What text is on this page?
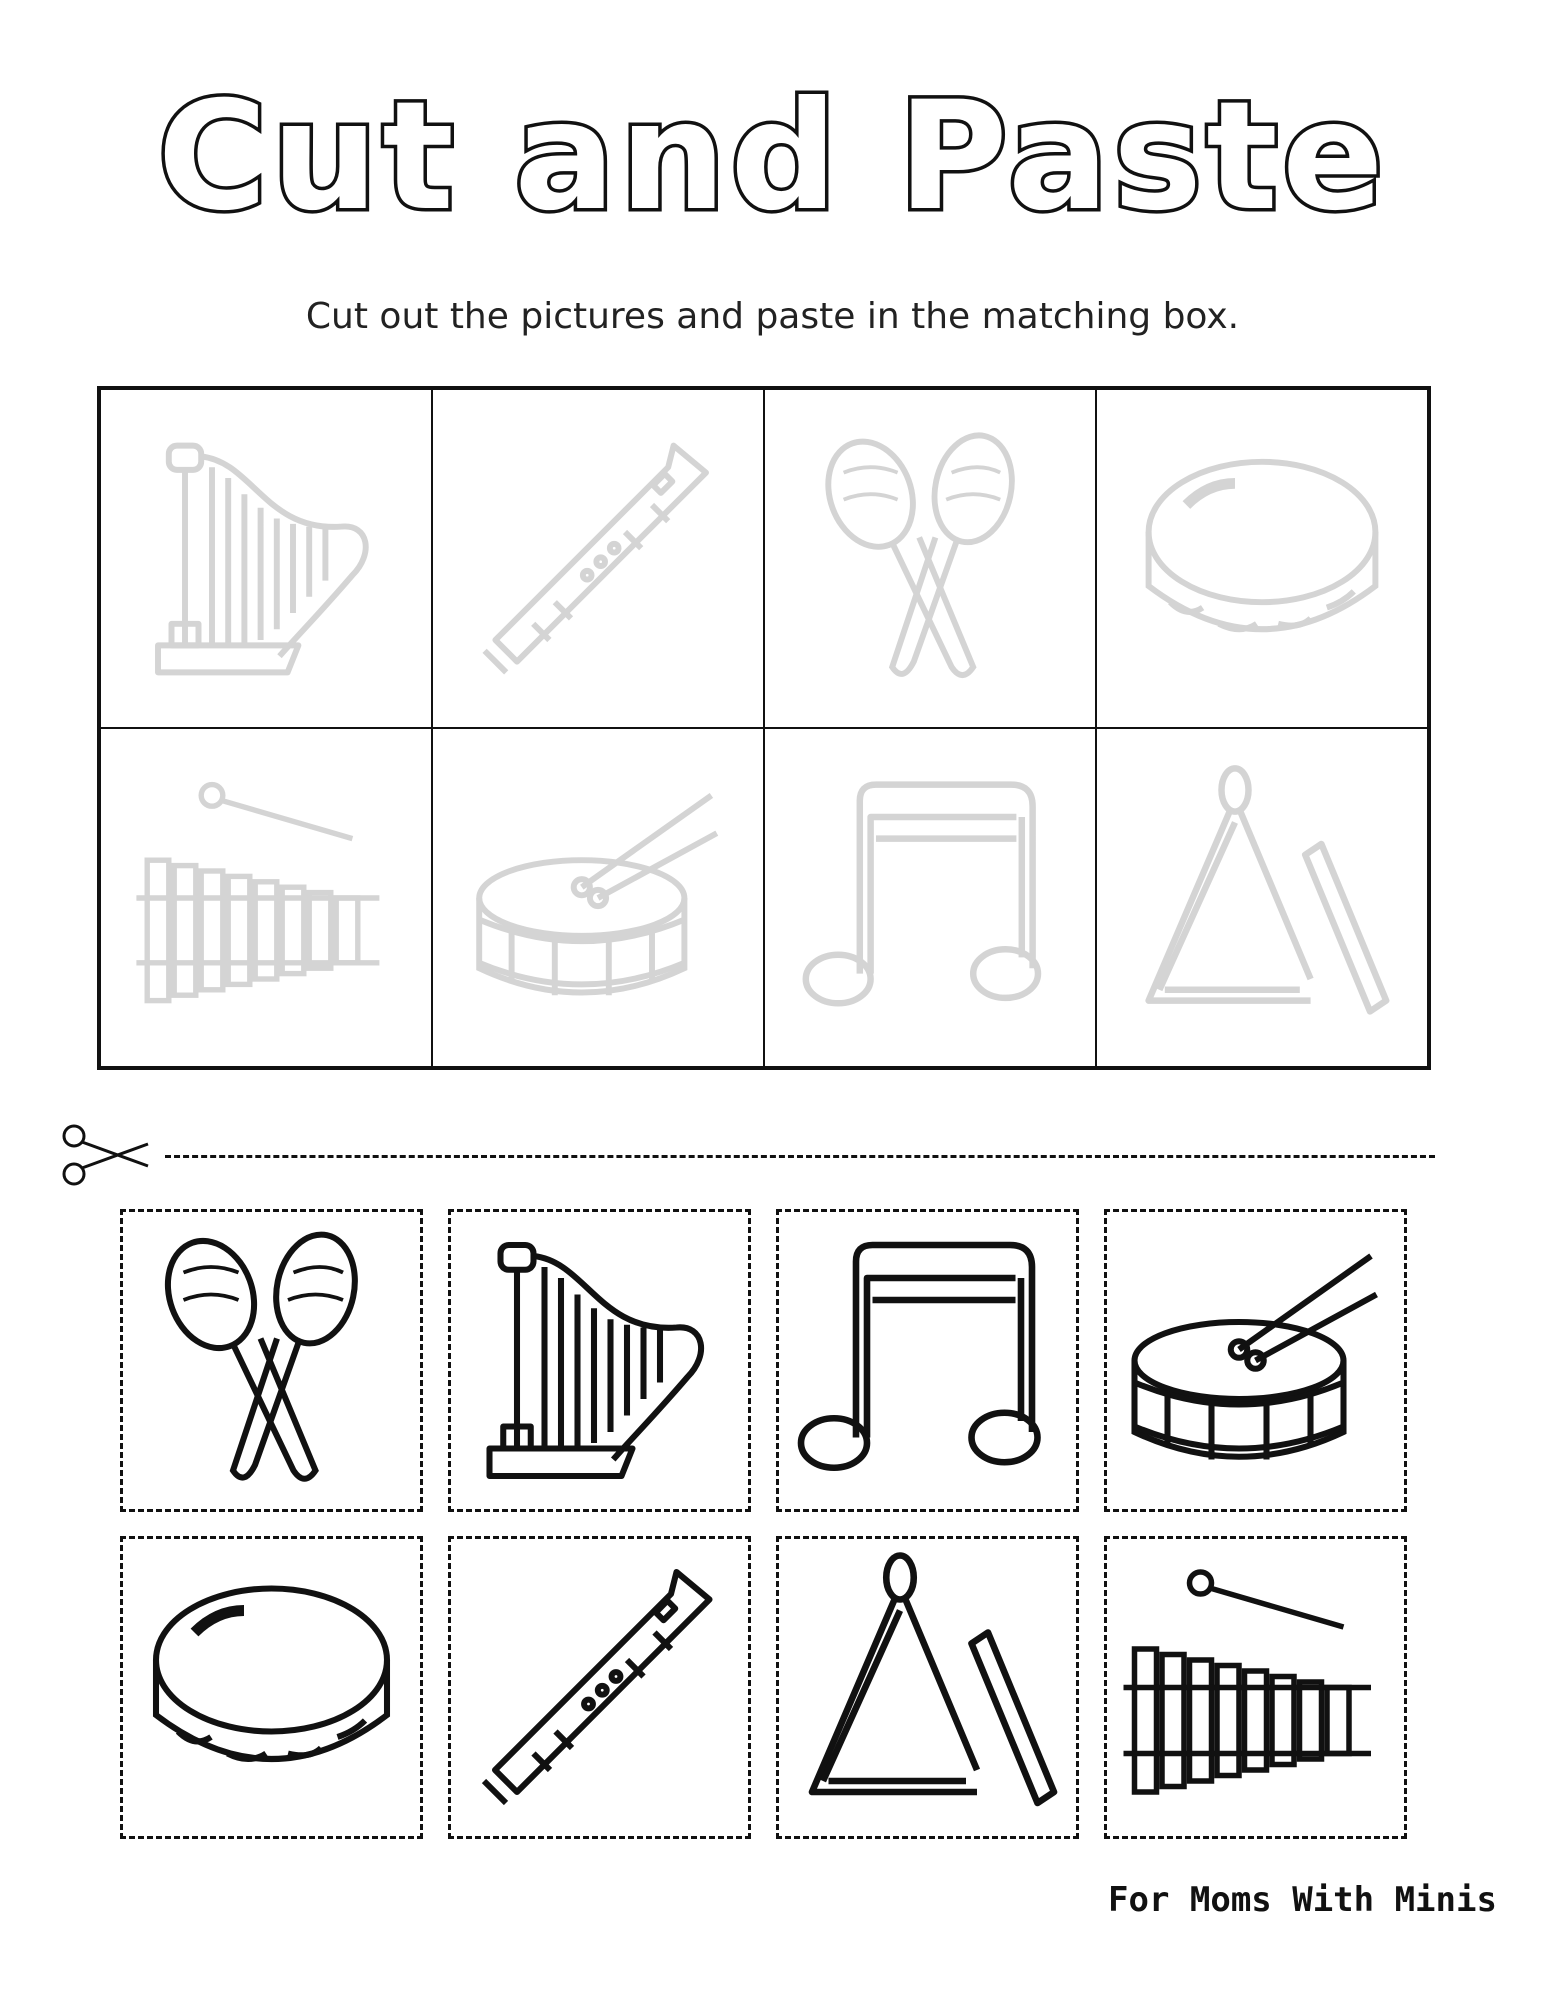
Cut and Paste
Cut out the pictures and paste in the matching box.
For Moms With Minis
